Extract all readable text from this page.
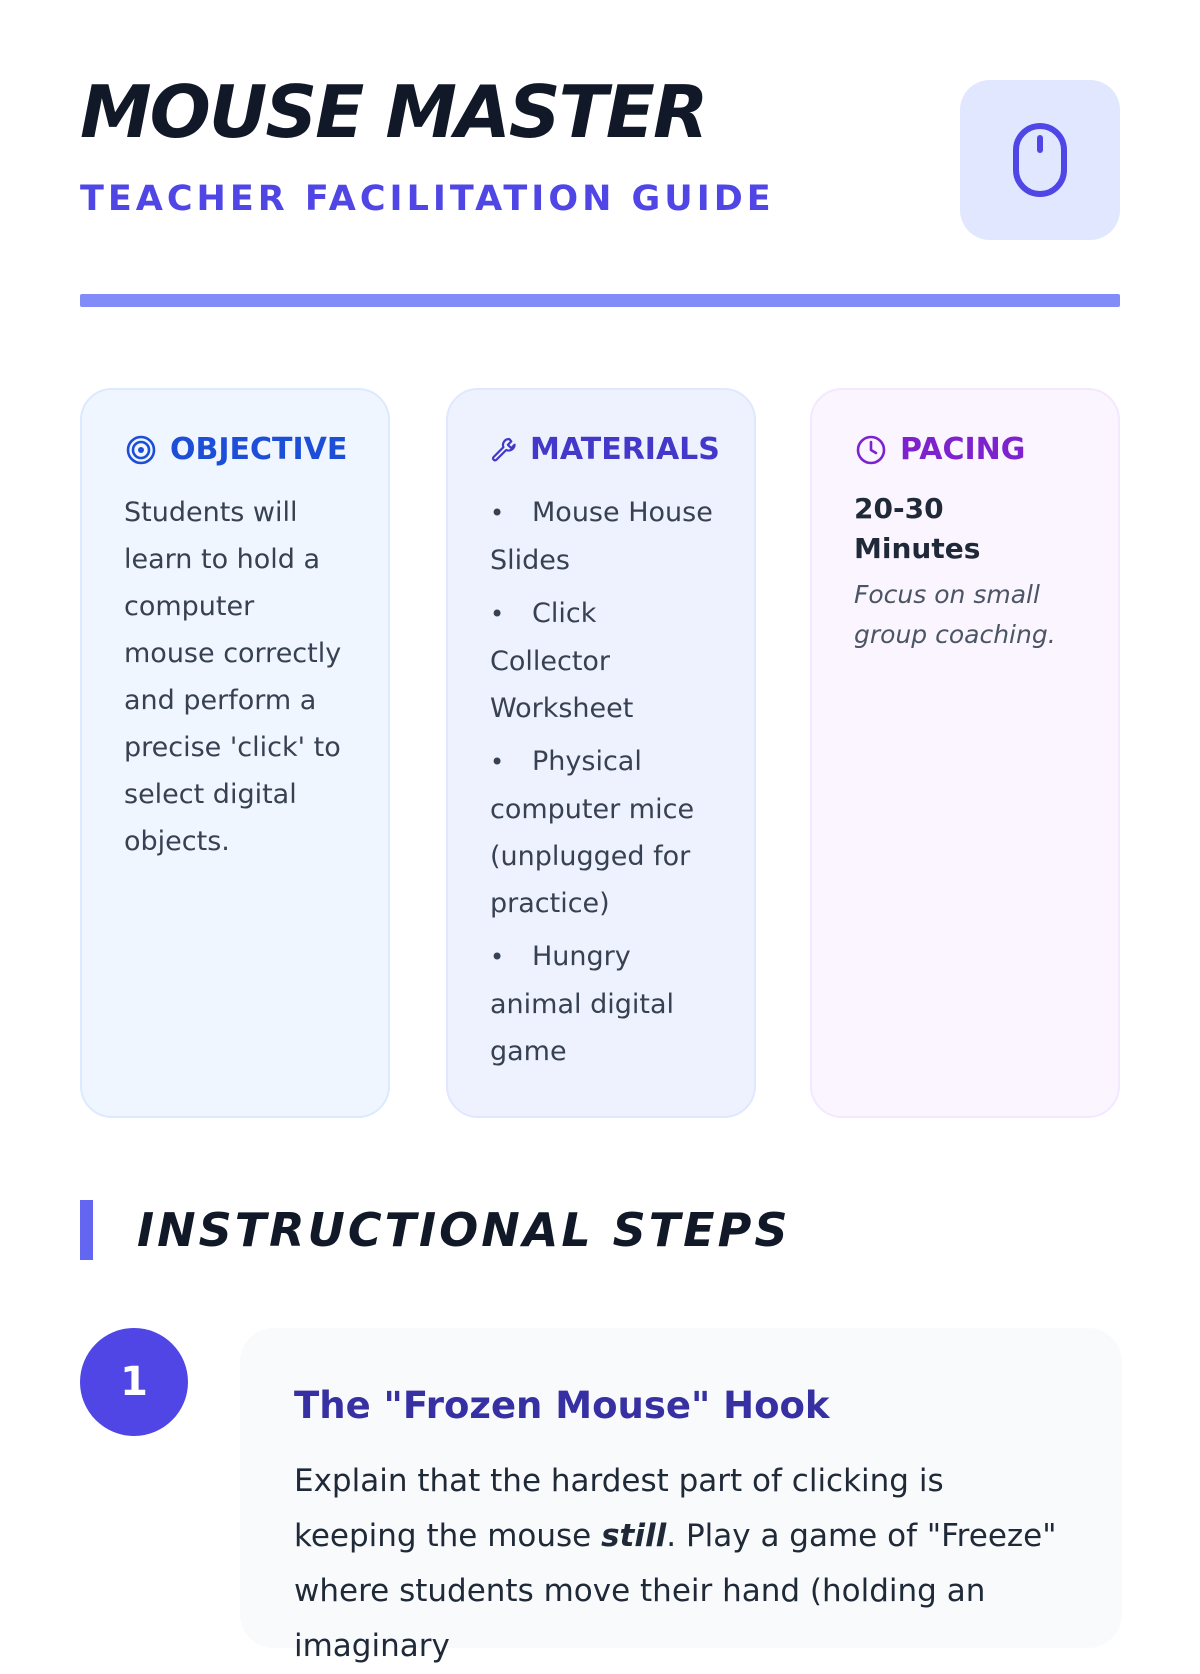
MOUSE MASTER
TEACHER FACILITATION GUIDE
OBJECTIVE

Students will learn to hold a computer mouse correctly and perform a precise 'click' to select digital objects.

MATERIALS
• Mouse House Slides
• Click Collector Worksheet
• Physical computer mice (unplugged for practice)
• Hungry animal digital game
PACING

20-30 Minutes

Focus on small group coaching.

INSTRUCTIONAL STEPS
1
The "Frozen Mouse" Hook

Explain that the hardest part of clicking is keeping the mouse still. Play a game of "Freeze" where students move their hand (holding an imaginary
